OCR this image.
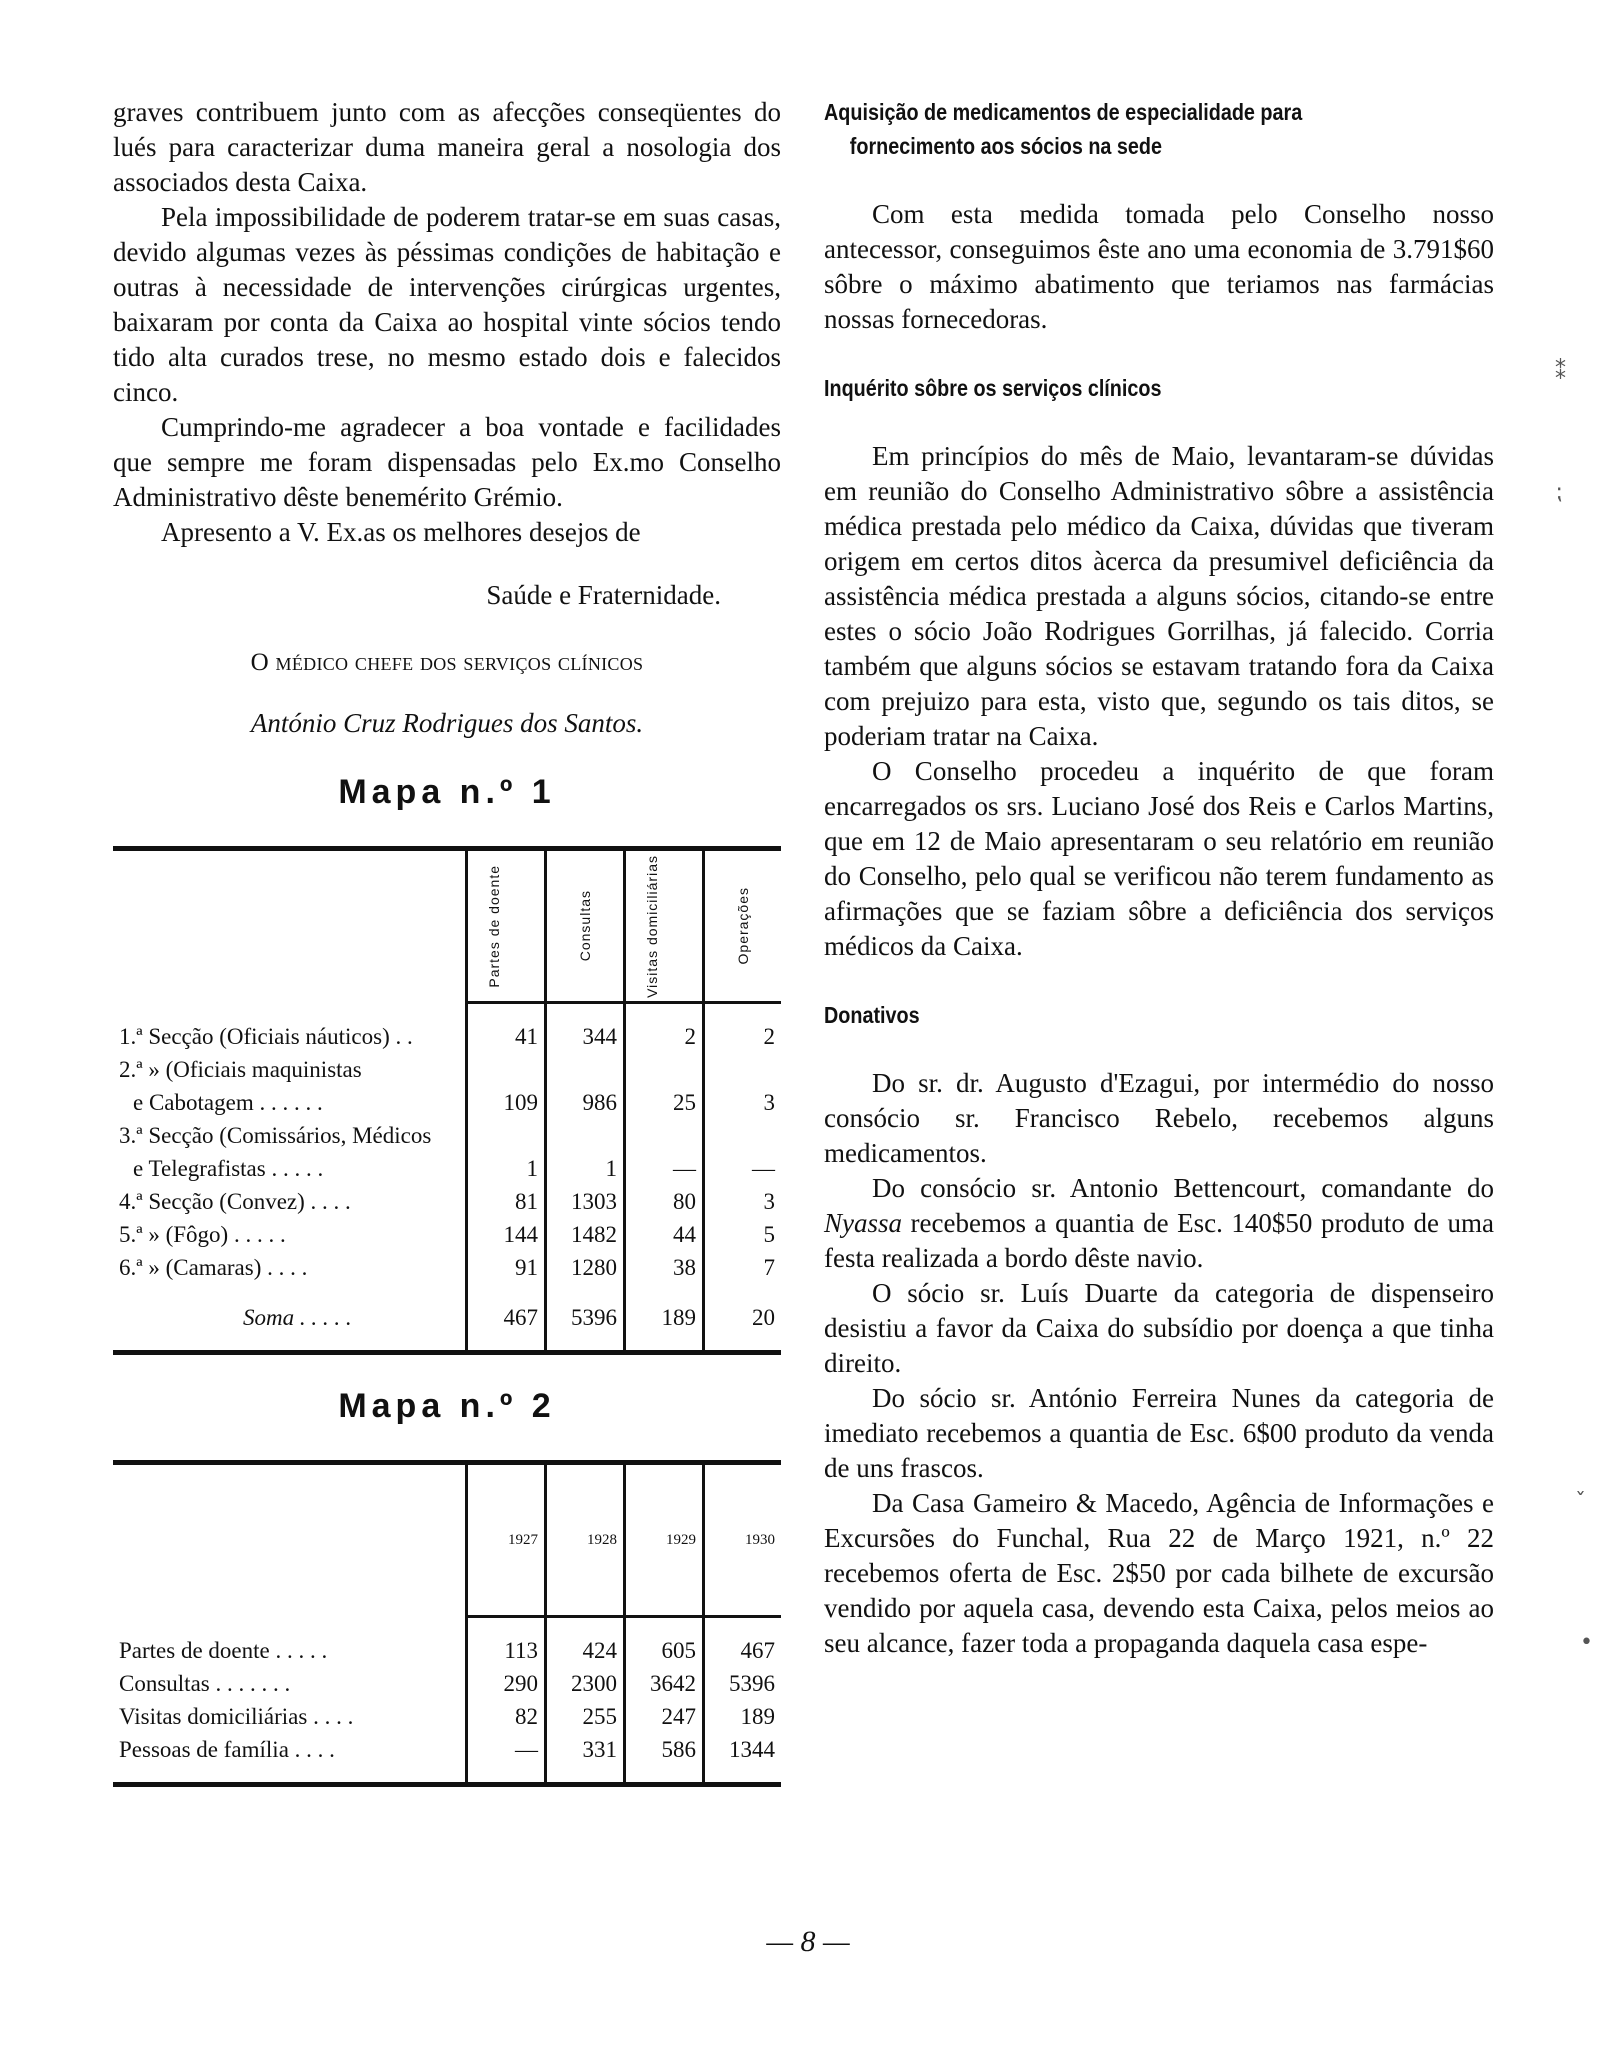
graves contribuem junto com as afecções conseqüentes do lués para caracterizar duma maneira geral a nosologia dos associados desta Caixa.

Pela impossibilidade de poderem tratar-se em suas casas, devido algumas vezes às péssimas condições de habitação e outras à necessidade de intervenções cirúrgicas urgentes, baixaram por conta da Caixa ao hospital vinte sócios tendo tido alta curados trese, no mesmo estado dois e falecidos cinco.

Cumprindo-me agradecer a boa vontade e facilidades que sempre me foram dispensadas pelo Ex.mo Conselho Administrativo dêste benemérito Grémio.

Apresento a V. Ex.as os melhores desejos de

Saúde e Fraternidade.

O médico chefe dos serviços clínicos

António Cruz Rodrigues dos Santos.

Mapa n.º 1

	Partes de doente	Consultas	Visitas domiciliárias	Operações

1.ª Secção (Oficiais náuticos) . .	41	344	2	2
2.ª » (Oficiais maquinistas				
e Cabotagem . . . . . .	109	986	25	3
3.ª Secção (Comissários, Médicos				
e Telegrafistas . . . . .	1	1	—	—
4.ª Secção (Convez) . . . .	81	1303	80	3
5.ª » (Fôgo) . . . . .	144	1482	44	5
6.ª » (Camaras) . . . .	91	1280	38	7
Soma . . . . .	467	5396	189	20

Mapa n.º 2
	1927	1928	1929	1930

Partes de doente . . . . .	113	424	605	467
Consultas . . . . . . .	290	2300	3642	5396
Visitas domiciliárias . . . .	82	255	247	189
Pessoas de família . . . .	—	331	586	1344

Aquisição de medicamentos de especialidade para
fornecimento aos sócios na sede

Com esta medida tomada pelo Conselho nosso antecessor, conseguimos êste ano uma economia de 3.791$60 sôbre o máximo abatimento que teriamos nas farmácias nossas fornecedoras.

Inquérito sôbre os serviços clínicos

Em princípios do mês de Maio, levantaram-se dúvidas em reunião do Conselho Administrativo sôbre a assistência médica prestada pelo médico da Caixa, dúvidas que tiveram origem em certos ditos àcerca da presumivel deficiência da assistência médica prestada a alguns sócios, citando-se entre estes o sócio João Rodrigues Gorrilhas, já falecido. Corria também que alguns sócios se estavam tratando fora da Caixa com prejuizo para esta, visto que, segundo os tais ditos, se poderiam tratar na Caixa.

O Conselho procedeu a inquérito de que foram encarregados os srs. Luciano José dos Reis e Carlos Martins, que em 12 de Maio apresentaram o seu relatório em reunião do Conselho, pelo qual se verificou não terem fundamento as afirmações que se faziam sôbre a deficiência dos serviços médicos da Caixa.

Donativos

Do sr. dr. Augusto d'Ezagui, por intermédio do nosso consócio sr. Francisco Rebelo, recebemos alguns medicamentos.

Do consócio sr. Antonio Bettencourt, comandante do Nyassa recebemos a quantia de Esc. 140$50 produto de uma festa realizada a bordo dêste navio.

O sócio sr. Luís Duarte da categoria de dispenseiro desistiu a favor da Caixa do subsídio por doença a que tinha direito.

Do sócio sr. António Ferreira Nunes da categoria de imediato recebemos a quantia de Esc. 6$00 produto da venda de uns frascos.

Da Casa Gameiro & Macedo, Agência de Informações e Excursões do Funchal, Rua 22 de Março 1921, n.º 22 recebemos oferta de Esc. 2$50 por cada bilhete de excursão vendido por aquela casa, devendo esta Caixa, pelos meios ao seu alcance, fazer toda a propaganda daquela casa espe-

— 8 —
⁑
⁏
ˇ
•
